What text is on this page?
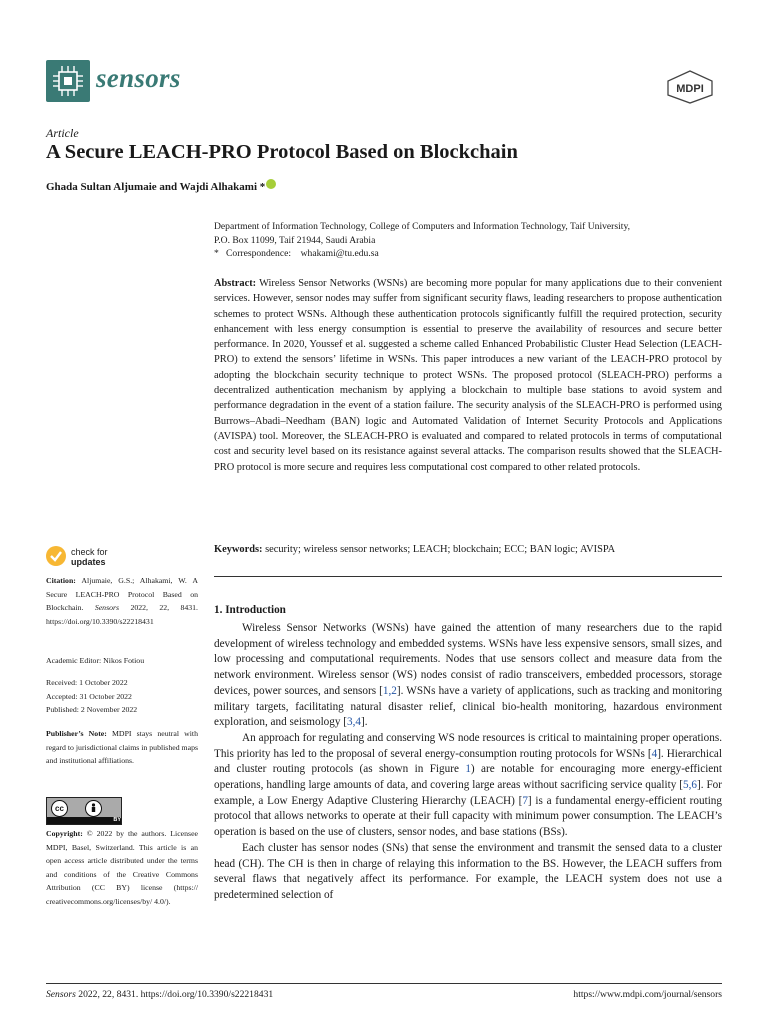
sensors	MDPI
Article
A Secure LEACH-PRO Protocol Based on Blockchain
Ghada Sultan Aljumaie and Wajdi Alhakami *
Department of Information Technology, College of Computers and Information Technology, Taif University,
P.O. Box 11099, Taif 21944, Saudi Arabia
*   Correspondence: whakami@tu.edu.sa
Abstract: Wireless Sensor Networks (WSNs) are becoming more popular for many applications due to their convenient services. However, sensor nodes may suffer from significant security flaws, leading researchers to propose authentication schemes to protect WSNs. Although these authentication protocols significantly fulfill the required protection, security enhancement with less energy consumption is essential to preserve the availability of resources and secure better performance. In 2020, Youssef et al. suggested a scheme called Enhanced Probabilistic Cluster Head Selection (LEACH-PRO) to extend the sensors’ lifetime in WSNs. This paper introduces a new variant of the LEACH-PRO protocol by adopting the blockchain security technique to protect WSNs. The proposed protocol (SLEACH-PRO) performs a decentralized authentication mechanism by applying a blockchain to multiple base stations to avoid system and performance degradation in the event of a station failure. The security analysis of the SLEACH-PRO is performed using Burrows–Abadi–Needham (BAN) logic and Automated Validation of Internet Security Protocols and Applications (AVISPA) tool. Moreover, the SLEACH-PRO is evaluated and compared to related protocols in terms of computational cost and security level based on its resistance against several attacks. The comparison results showed that the SLEACH-PRO protocol is more secure and requires less computational cost compared to other related protocols.
Keywords: security; wireless sensor networks; LEACH; blockchain; ECC; BAN logic; AVISPA
1. Introduction

Wireless Sensor Networks (WSNs) have gained the attention of many researchers due to the rapid development of wireless technology and embedded systems. WSNs have less expensive sensors, small sizes, and low processing and computational requirements. Nodes that use sensors collect and measure data from the network environment. Wireless sensor (WS) nodes consist of radio transceivers, embedded processors, storage devices, power sources, and sensors [1,2]. WSNs have a variety of applications, such as tracking and monitoring military targets, facilitating natural disaster relief, clinical bio-health monitoring, hazardous environment exploration, and seismology [3,4].

An approach for regulating and conserving WS node resources is critical to maintaining proper operations. This priority has led to the proposal of several energy-consumption routing protocols for WSNs [4]. Hierarchical and cluster routing protocols (as shown in Figure 1) are notable for encouraging more energy-efficient operations, handling large amounts of data, and covering large areas without sacrificing service quality [5,6]. For example, a Low Energy Adaptive Clustering Hierarchy (LEACH) [7] is a fundamental energy-efficient routing protocol that allows networks to operate at their full capacity with minimum power consumption. The LEACH’s operation is based on the use of clusters, sensor nodes, and base stations (BSs).

Each cluster has sensor nodes (SNs) that sense the environment and transmit the sensed data to a cluster head (CH). The CH is then in charge of relaying this information to the BS. However, the LEACH suffers from several flaws that negatively affect its performance. For example, the LEACH system does not use a predetermined selection of

check for
updates
Citation: Aljumaie, G.S.; Alhakami, W. A Secure LEACH-PRO Protocol Based on Blockchain. Sensors 2022, 22, 8431. https://doi.org/10.3390/s22218431
Academic Editor: Nikos Fotiou
Received: 1 October 2022
Accepted: 31 October 2022
Published: 2 November 2022
Publisher’s Note: MDPI stays neutral with regard to jurisdictional claims in published maps and institutional affiliations.
cc
BY
Copyright: © 2022 by the authors. Licensee MDPI, Basel, Switzerland. This article is an open access article distributed under the terms and conditions of the Creative Commons Attribution (CC BY) license (https:// creativecommons.org/licenses/by/ 4.0/).
Sensors 2022, 22, 8431. https://doi.org/10.3390/s22218431	https://www.mdpi.com/journal/sensors
